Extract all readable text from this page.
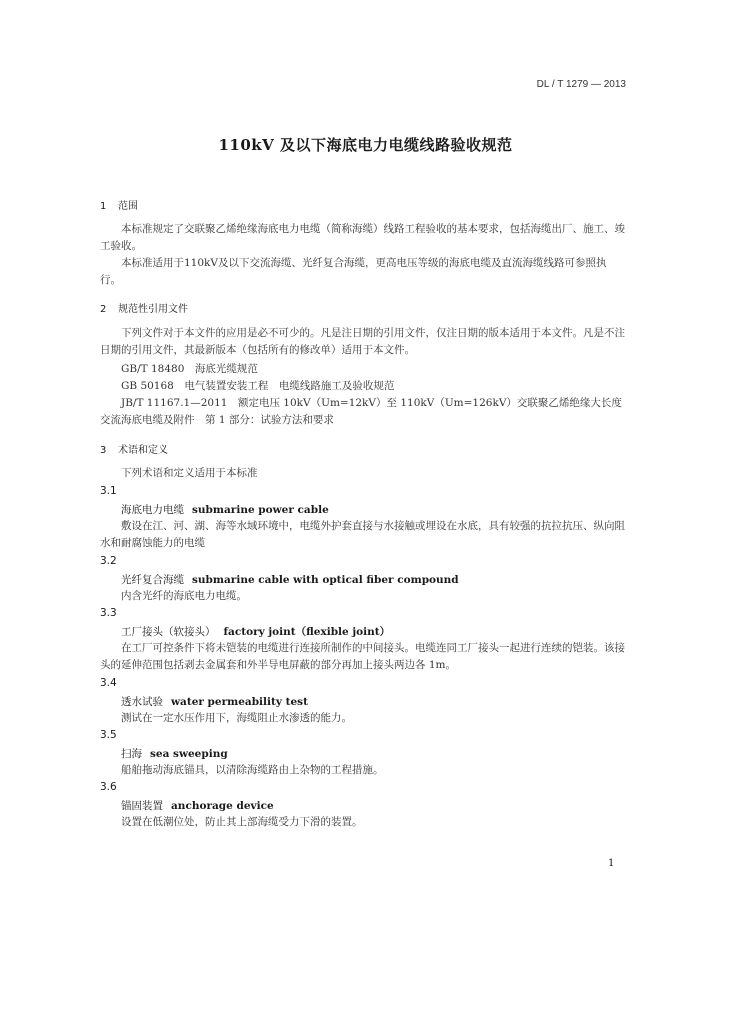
DL / T 1279 — 2013
110kV 及以下海底电力电缆线路验收规范
1 范围
本标准规定了交联聚乙烯绝缘海底电力电缆（简称海缆）线路工程验收的基本要求，包括海缆出厂、施工、竣工验收。
本标准适用于110kV及以下交流海缆、光纤复合海缆，更高电压等级的海底电缆及直流海缆线路可参照执行。
2 规范性引用文件
下列文件对于本文件的应用是必不可少的。凡是注日期的引用文件，仅注日期的版本适用于本文件。凡是不注日期的引用文件，其最新版本（包括所有的修改单）适用于本文件。
GB/T 18480　海底光缆规范
GB 50168　电气装置安装工程　电缆线路施工及验收规范
JB/T 11167.1—2011　额定电压 10kV（Um=12kV）至 110kV（Um=126kV）交联聚乙烯绝缘大长度交流海底电缆及附件　第 1 部分：试验方法和要求
3 术语和定义
下列术语和定义适用于本标准
3.1
海底电力电缆 submarine power cable
敷设在江、河、湖、海等水域环境中，电缆外护套直接与水接触或埋设在水底，具有较强的抗拉抗压、纵向阻水和耐腐蚀能力的电缆
3.2
光纤复合海缆 submarine cable with optical fiber compound
内含光纤的海底电力电缆。
3.3
工厂接头（软接头） factory joint（flexible joint）
在工厂可控条件下将未铠装的电缆进行连接所制作的中间接头。电缆连同工厂接头一起进行连续的铠装。该接头的延伸范围包括剥去金属套和外半导电屏蔽的部分再加上接头两边各 1m。
3.4
透水试验 water permeability test
测试在一定水压作用下，海缆阻止水渗透的能力。
3.5
扫海 sea sweeping
船舶拖动海底锚具，以清除海缆路由上杂物的工程措施。
3.6
锚固装置 anchorage device
设置在低潮位处，防止其上部海缆受力下滑的装置。
1
